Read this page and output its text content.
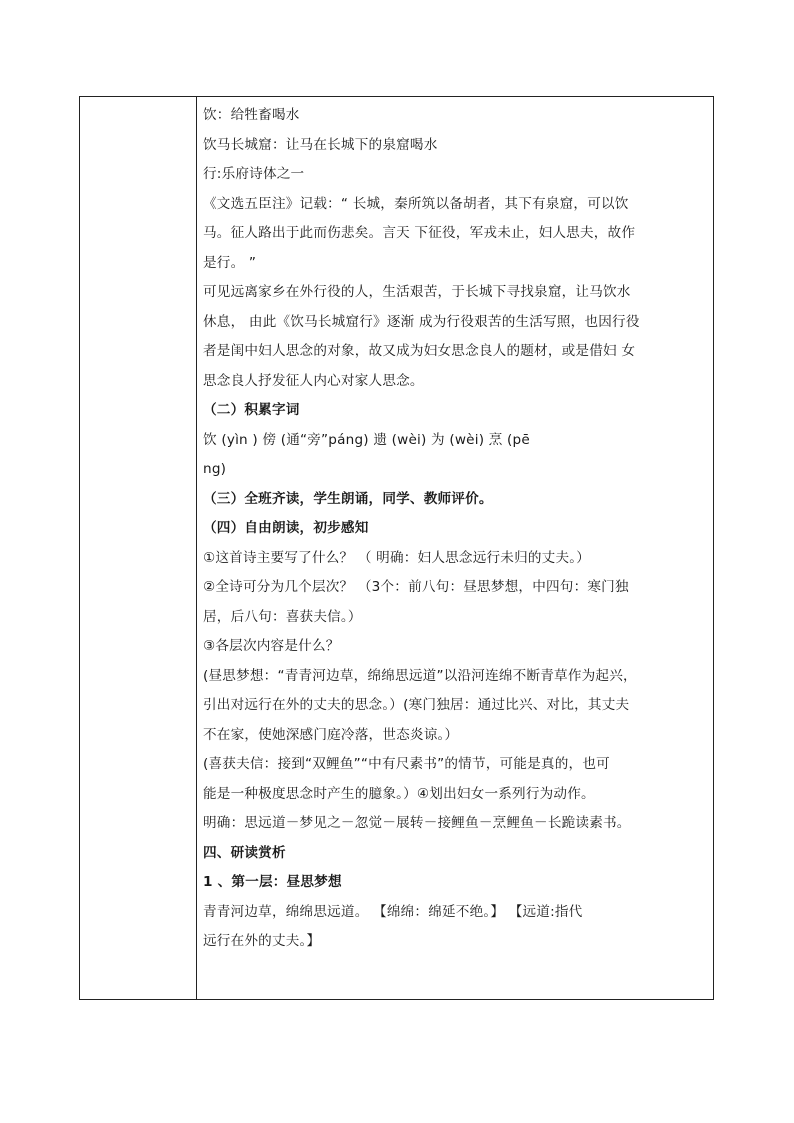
饮：给牲畜喝水
饮马长城窟：让马在长城下的泉窟喝水
行:乐府诗体之一
《文选五臣注》记载：“ 长城，秦所筑以备胡者，其下有泉窟，可以饮
马。征人路出于此而伤悲矣。言天 下征役，军戎未止，妇人思夫，故作
是行。 ”
可见远离家乡在外行役的人，生活艰苦，于长城下寻找泉窟，让马饮水
休息， 由此《饮马长城窟行》逐渐 成为行役艰苦的生活写照，也因行役
者是闺中妇人思念的对象，故又成为妇女思念良人的题材，或是借妇 女
思念良人抒发征人内心对家人思念。
（二）积累字词
饮 (yìn ) 傍 (通“旁”páng) 遗 (wèi) 为 (wèi) 烹 (pē
ng)
（三）全班齐读，学生朗诵，同学、教师评价。
（四）自由朗读，初步感知
①这首诗主要写了什么？ （ 明确：妇人思念远行未归的丈夫。）
②全诗可分为几个层次？ （3个：前八句：昼思梦想，中四句：寒门独
居，后八句：喜获夫信。）
③各层次内容是什么？
(昼思梦想：“青青河边草，绵绵思远道”以沿河连绵不断青草作为起兴，
引出对远行在外的丈夫的思念。）(寒门独居：通过比兴、对比，其丈夫
不在家，使她深感门庭冷落，世态炎谅。）
(喜获夫信：接到“双鲤鱼”“中有尺素书”的情节，可能是真的，也可
能是一种极度思念时产生的臆象。）④划出妇女一系列行为动作。
明确：思远道－梦见之－忽觉－展转－接鲤鱼－烹鲤鱼－长跪读素书。
四、研读赏析
1 、第一层：昼思梦想
青青河边草，绵绵思远道。 【绵绵：绵延不绝。】 【远道:指代
远行在外的丈夫。】
